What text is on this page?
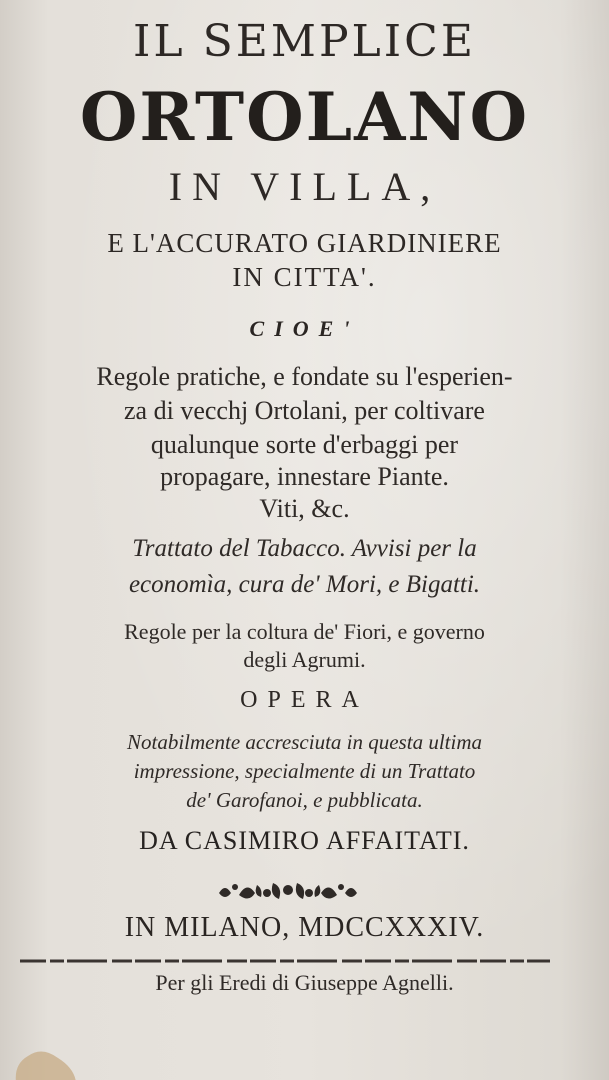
IL SEMPLICE
ORTOLANO
IN VILLA,
E L'ACCURATO GIARDINIERE
IN CITTA'.
CIOE'
Regole pratiche, e fondate su l'esperien-
za di vecchj Ortolani, per coltivare
qualunque sorte d'erbaggi per
propagare, innestare Piante.
Viti, &c.
Trattato del Tabacco. Avvisi per la
economìa, cura de' Mori, e Bigatti.
Regole per la coltura de' Fiori, e governo
degli Agrumi.
OPERA
Notabilmente accresciuta in questa ultima
impressione, specialmente di un Trattato
de' Garofanoi, e pubblicata.
DA CASIMIRO AFFAITATI.
IN MILANO, MDCCXXXIV.
Per gli Eredi di Giuseppe Agnelli.
